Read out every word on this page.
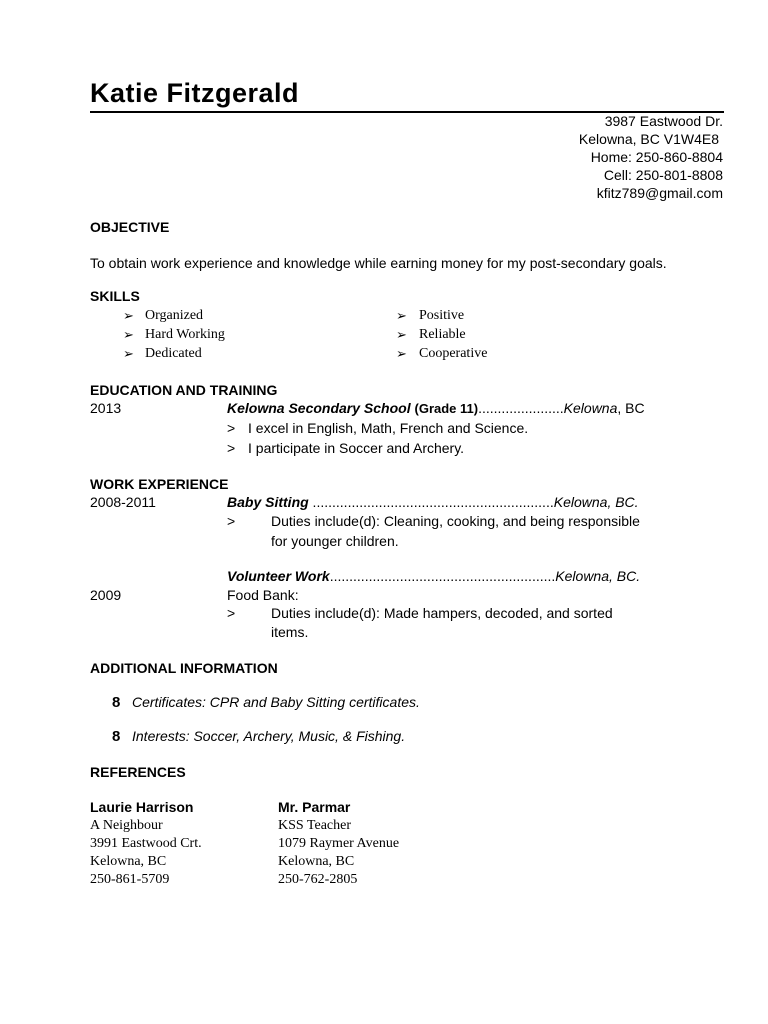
Katie Fitzgerald
3987 Eastwood Dr.
Kelowna, BC V1W4E8
Home: 250-860-8804
Cell: 250-801-8808
kfitz789@gmail.com
OBJECTIVE
To obtain work experience and knowledge while earning money for my post-secondary goals.
SKILLS
➢ Organized
➢ Hard Working
➢ Dedicated
➢ Positive
➢ Reliable
➢ Cooperative
EDUCATION AND TRAINING
2013	Kelowna Secondary School (Grade 11)......................Kelowna, BC
> I excel in English, Math, French and Science.
> I participate in Soccer and Archery.
WORK EXPERIENCE
2008-2011	Baby Sitting ..............................................................Kelowna, BC.
>	Duties include(d): Cleaning, cooking, and being responsible
for younger children.
Volunteer Work..........................................................Kelowna, BC.
2009	Food Bank:
>	Duties include(d): Made hampers, decoded, and sorted
items.
ADDITIONAL INFORMATION
8 Certificates: CPR and Baby Sitting certificates.
8 Interests: Soccer, Archery, Music, & Fishing.
REFERENCES
Laurie Harrison
A Neighbour
3991 Eastwood Crt.
Kelowna, BC
250-861-5709
Mr. Parmar
KSS Teacher
1079 Raymer Avenue
Kelowna, BC
250-762-2805
